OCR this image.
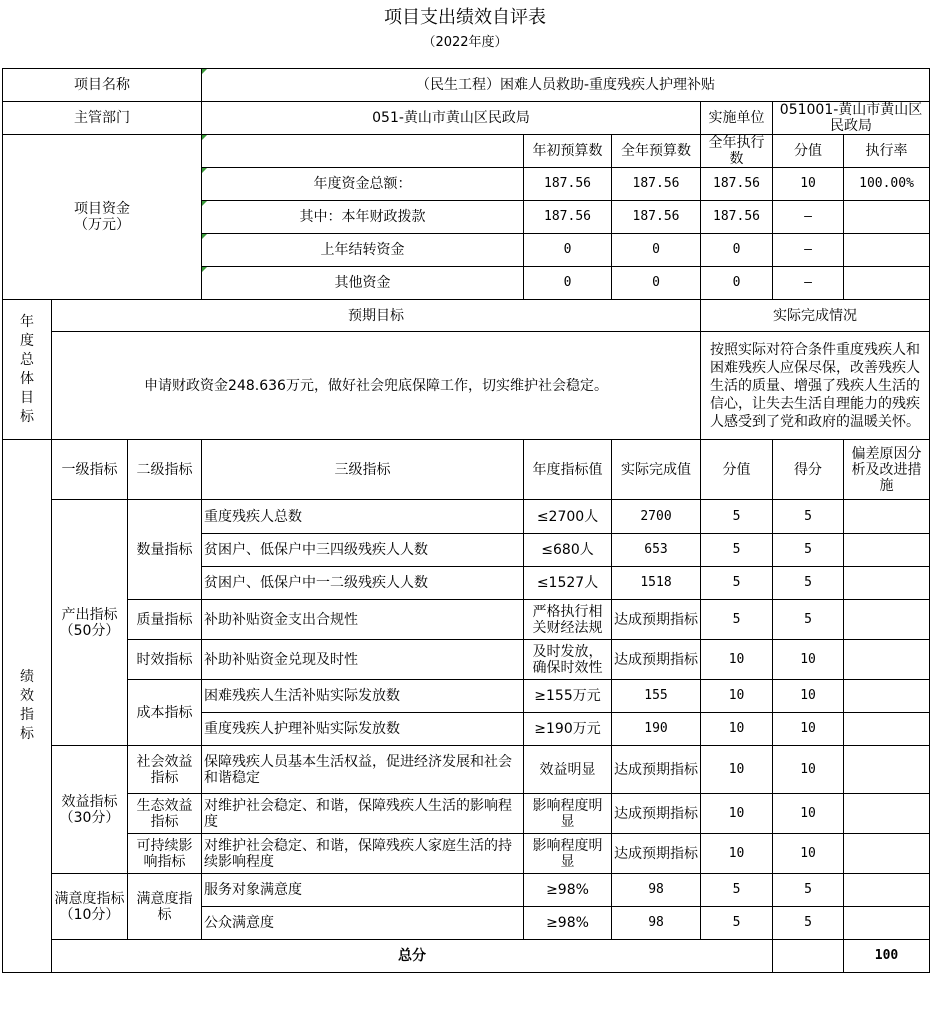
项目支出绩效自评表
（2022年度）
项目名称			（民生工程）困难人员救助-重度残疾人护理补贴						
主管部门			051-黄山市黄山区民政局			实施单位	051001-黄山市黄山区民政局		

项目资金
（万元）				年初预算数	全年预算数	全年执行数	分值	执行率	
			年度资金总额：	187.56	187.56	187.56	10	100.00%	
			其中：本年财政拨款	187.56	187.56	187.56	–		
			上年结转资金	0	0	0	–		
			其他资金	0	0	0	–		

年度总体目标	预期目标					实际完成情况			
	申请财政资金248.636万元，做好社会兜底保障工作，切实维护社会稳定。					按照实际对符合条件重度残疾人和困难残疾人应保尽保，改善残疾人生活的质量、增强了残疾人生活的信心，让失去生活自理能力的残疾人感受到了党和政府的温暖关怀。			

绩效指标	一级指标	二级指标	三级指标	年度指标值	实际完成值	分值	得分	偏差原因分析及改进措施	
	产出指标（50分）	数量指标	重度残疾人总数	≤2700人	2700	5	5		
			贫困户、低保户中三四级残疾人人数	≤680人	653	5	5		
			贫困户、低保户中一二级残疾人人数	≤1527人	1518	5	5		
		质量指标	补助补贴资金支出合规性	严格执行相关财经法规	达成预期指标	5	5		
		时效指标	补助补贴资金兑现及时性	及时发放，确保时效性	达成预期指标	10	10		
		成本指标	困难残疾人生活补贴实际发放数	≥155万元	155	10	10		
			重度残疾人护理补贴实际发放数	≥190万元	190	10	10		
	效益指标（30分）	社会效益指标	保障残疾人员基本生活权益，促进经济发展和社会和谐稳定	效益明显	达成预期指标	10	10		
		生态效益指标	对维护社会稳定、和谐，保障残疾人生活的影响程度	影响程度明显	达成预期指标	10	10		
		可持续影响指标	对维护社会稳定、和谐，保障残疾人家庭生活的持续影响程度	影响程度明显	达成预期指标	10	10		
	满意度指标（10分）	满意度指标	服务对象满意度	≥98%	98	5	5		
			公众满意度	≥98%	98	5	5		
	总分							100		
